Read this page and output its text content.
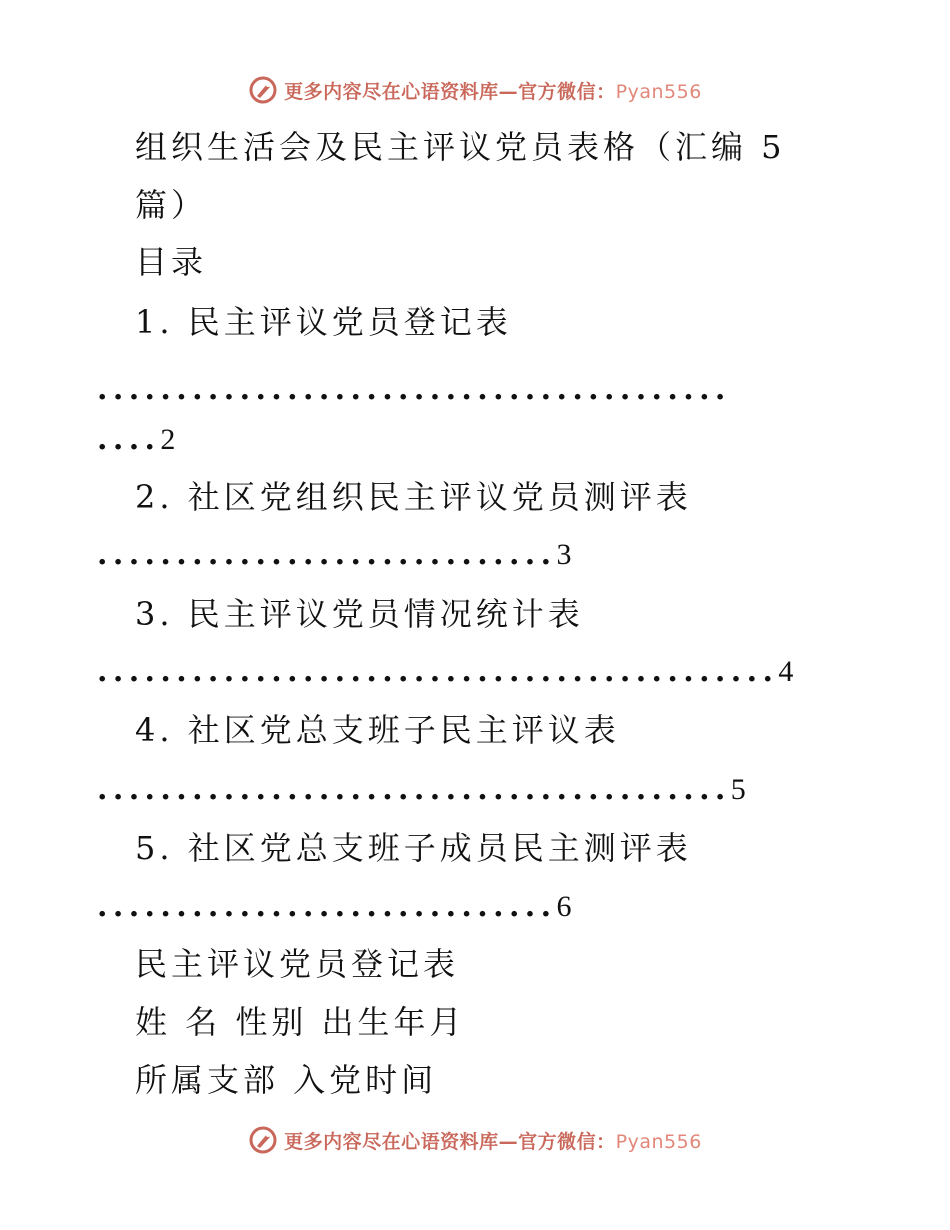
更多内容尽在心语资料库—官方微信：Pyan556
组织生活会及民主评议党员表格（汇编 5
篇）
目录
1. 民主评议党员登记表
........................................
....2
2. 社区党组织民主评议党员测评表
.............................3
3. 民主评议党员情况统计表
...........................................4
4. 社区党总支班子民主评议表
........................................5
5. 社区党总支班子成员民主测评表
.............................6
民主评议党员登记表
姓 名 性别 出生年月
所属支部 入党时间
更多内容尽在心语资料库—官方微信：Pyan556
